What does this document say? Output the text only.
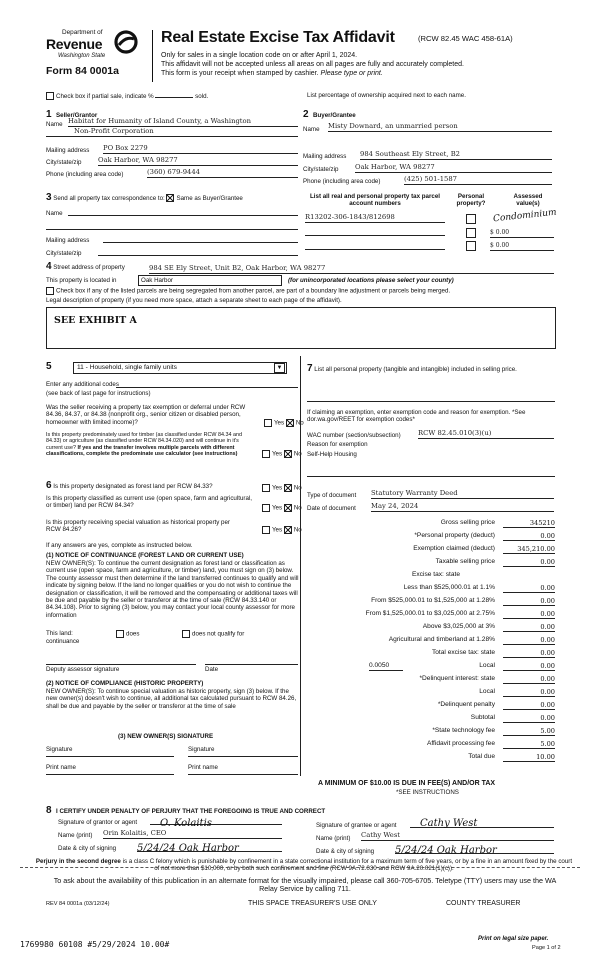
Department of
Revenue
Washington State
Form 84 0001a
Real Estate Excise Tax Affidavit	(RCW 82.45 WAC 458-61A)
Only for sales in a single location code on or after April 1, 2024.
This affidavit will not be accepted unless all areas on all pages are fully and accurately completed.
This form is your receipt when stamped by cashier. Please type or print.
Check box if partial sale, indicate %	sold.	List percentage of ownership acquired next to each name.
1 Seller/Grantor
Name Habitat for Humanity of Island County, a Washington
Non-Profit Corporation
Mailing address PO Box 2279
City/state/zip Oak Harbor, WA 98277
Phone (including area code)	(360) 679-9444
2 Buyer/Grantee
Name Misty Downard, an unmarried person
Mailing address 984 Southeast Ely Street, B2
City/state/zip Oak Harbor, WA 98277
Phone (including area code)	(425) 501-1587
3 Send all property tax correspondence to: Same as Buyer/Grantee
Name
Mailing address
City/state/zip
List all real and personal property tax parcel account numbers
Personal property?
Assessed value(s)
R13202-306-1843/812698	Condominium
$ 0.00
$ 0.00
4 Street address of property	984 SE Ely Street, Unit B2, Oak Harbor, WA 98277
This property is located in	Oak Harbor	(for unincorporated locations please select your county)
Check box if any of the listed parcels are being segregated from another parcel, are part of a boundary line adjustment or parcels being merged.
Legal description of property (if you need more space, attach a separate sheet to each page of the affidavit).
SEE EXHIBIT A
5	11 - Household, single family units	▼
Enter any additional codes
(see back of last page for instructions)
Was the seller receiving a property tax exemption or deferral under RCW 84.36, 84.37, or 84.38 (nonprofit org., senior citizen or disabled person, homeowner with limited income)?	Yes No
Is this property predominately used for timber (as classified under RCW 84.34 and 84.33) or agriculture (as classified under RCW 84.34.020) and will continue in it's current use? If yes and the transfer involves multiple parcels with different classifications, complete the predominate use calculator (see instructions)	Yes No
6 Is this property designated as forest land per RCW 84.33?	Yes No
Is this property classified as current use (open space, farm and agricultural, or timber) land per RCW 84.34?	Yes No
Is this property receiving special valuation as historical property per RCW 84.26?	Yes No
If any answers are yes, complete as instructed below.
(1) NOTICE OF CONTINUANCE (FOREST LAND OR CURRENT USE)
NEW OWNER(S): To continue the current designation as forest land or classification as current use (open space, farm and agriculture, or timber) land, you must sign on (3) below. The county assessor must then determine if the land transferred continues to qualify and will indicate by signing below. If the land no longer qualifies or you do not wish to continue the designation or classification, it will be removed and the compensating or additional taxes will be due and payable by the seller or transferor at the time of sale (RCW 84.33.140 or 84.34.108). Prior to signing (3) below, you may contact your local county assessor for more information
This land:
continuance
does	does not qualify for
Deputy assessor signature	Date
(2) NOTICE OF COMPLIANCE (HISTORIC PROPERTY)
NEW OWNER(S): To continue special valuation as historic property, sign (3) below. If the new owner(s) doesn't wish to continue, all additional tax calculated pursuant to RCW 84.26, shall be due and payable by the seller or transferor at the time of sale
(3) NEW OWNER(S) SIGNATURE
Signature	Signature
Print name	Print name
7 List all personal property (tangible and intangible) included in selling price.
If claiming an exemption, enter exemption code and reason for exemption. *See dor.wa.gov/REET for exemption codes*
WAC number (section/subsection)	RCW 82.45.010(3)(u)
Reason for exemption
Self-Help Housing
Type of document Statutory Warranty Deed
Date of document May 24, 2024
Gross selling price	345210
*Personal property (deduct)	0.00
Exemption claimed (deduct)	345,210.00
Taxable selling price	0.00
Excise tax: state
Less than $525,000.01 at 1.1%	0.00
From $525,000.01 to $1,525,000 at 1.28%	0.00
From $1,525,000.01 to $3,025,000 at 2.75%	0.00
Above $3,025,000 at 3%	0.00
Agricultural and timberland at 1.28%	0.00
Total excise tax: state	0.00
0.0050	Local	0.00
*Delinquent interest: state	0.00
Local	0.00
*Delinquent penalty	0.00
Subtotal	0.00
*State technology fee	5.00
Affidavit processing fee	5.00
Total due	10.00
A MINIMUM OF $10.00 IS DUE IN FEE(S) AND/OR TAX
*SEE INSTRUCTIONS
8 I CERTIFY UNDER PENALTY OF PERJURY THAT THE FOREGOING IS TRUE AND CORRECT
Signature of grantor or agent	O. Kolaitis
Name (print) Orin Kolaitis, CEO
Date & city of signing 5/24/24 Oak Harbor
Signature of grantee or agent	Cathy West
Name (print) Cathy West
Date & city of signing 5/24/24 Oak Harbor
Perjury in the second degree is a class C felony which is punishable by confinement in a state correctional institution for a maximum term of five years, or by a fine in an amount fixed by the court of not more than $10,000, or by both such confinement and fine (RCW 9A.72.030 and RCW 9A.20.021(1)(c)).
To ask about the availability of this publication in an alternate format for the visually impaired, please call 360-705-6705. Teletype (TTY) users may use the WA Relay Service by calling 711.
REV 84 0001a (03/12/24)	THIS SPACE TREASURER'S USE ONLY	COUNTY TREASURER
1769980 60108 #5/29/2024 10.00#
Print on legal size paper.
Page 1 of 2
